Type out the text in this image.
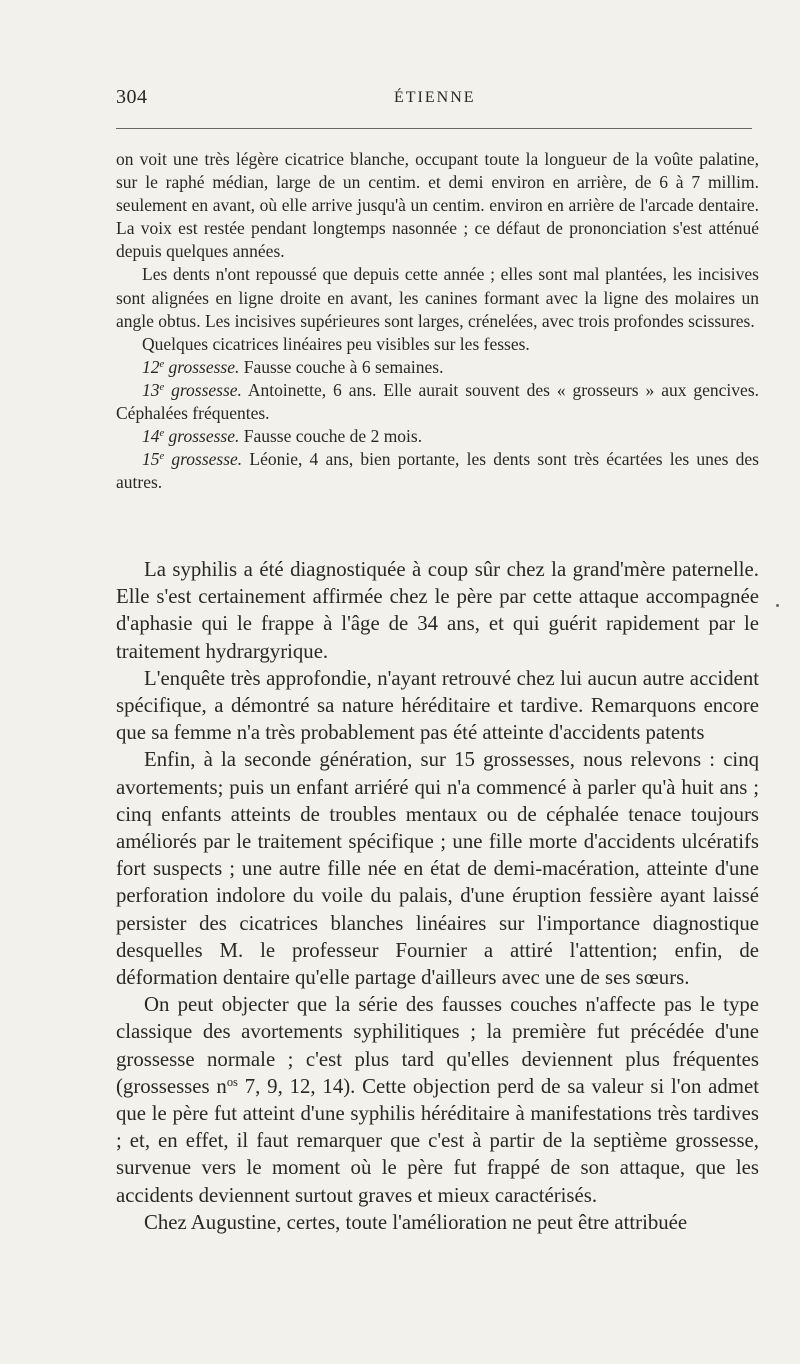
304	ÉTIENNE

on voit une très légère cicatrice blanche, occupant toute la longueur de la voûte palatine, sur le raphé médian, large de un centim. et demi environ en arrière, de 6 à 7 millim. seulement en avant, où elle arrive jusqu'à un centim. environ en arrière de l'arcade dentaire. La voix est restée pendant longtemps nasonnée ; ce défaut de prononciation s'est atténué depuis quelques années.

Les dents n'ont repoussé que depuis cette année ; elles sont mal plantées, les incisives sont alignées en ligne droite en avant, les canines formant avec la ligne des molaires un angle obtus. Les incisives supérieures sont larges, crénelées, avec trois profondes scissures.

Quelques cicatrices linéaires peu visibles sur les fesses.

12e grossesse. Fausse couche à 6 semaines.

13e grossesse. Antoinette, 6 ans. Elle aurait souvent des « grosseurs » aux gencives. Céphalées fréquentes.

14e grossesse. Fausse couche de 2 mois.

15e grossesse. Léonie, 4 ans, bien portante, les dents sont très écartées les unes des autres.

La syphilis a été diagnostiquée à coup sûr chez la grand'mère paternelle. Elle s'est certainement affirmée chez le père par cette attaque accompagnée d'aphasie qui le frappe à l'âge de 34 ans, et qui guérit rapidement par le traitement hydrargyrique.

L'enquête très approfondie, n'ayant retrouvé chez lui aucun autre accident spécifique, a démontré sa nature héréditaire et tardive. Remarquons encore que sa femme n'a très probablement pas été atteinte d'accidents patents

Enfin, à la seconde génération, sur 15 grossesses, nous relevons : cinq avortements; puis un enfant arriéré qui n'a commencé à parler qu'à huit ans ; cinq enfants atteints de troubles mentaux ou de céphalée tenace toujours améliorés par le traitement spécifique ; une fille morte d'accidents ulcératifs fort suspects ; une autre fille née en état de demi-macération, atteinte d'une perforation indolore du voile du palais, d'une éruption fessière ayant laissé persister des cicatrices blanches linéaires sur l'importance diagnostique desquelles M. le professeur Fournier a attiré l'attention; enfin, de déformation dentaire qu'elle partage d'ailleurs avec une de ses sœurs.

On peut objecter que la série des fausses couches n'affecte pas le type classique des avortements syphilitiques ; la première fut précédée d'une grossesse normale ; c'est plus tard qu'elles deviennent plus fréquentes (grossesses $n^{os}$ 7, 9, 12, 14). Cette objection perd de sa valeur si l'on admet que le père fut atteint d'une syphilis héréditaire à manifestations très tardives ; et, en effet, il faut remarquer que c'est à partir de la septième grossesse, survenue vers le moment où le père fut frappé de son attaque, que les accidents deviennent surtout graves et mieux caractérisés.

Chez Augustine, certes, toute l'amélioration ne peut être attribuée
